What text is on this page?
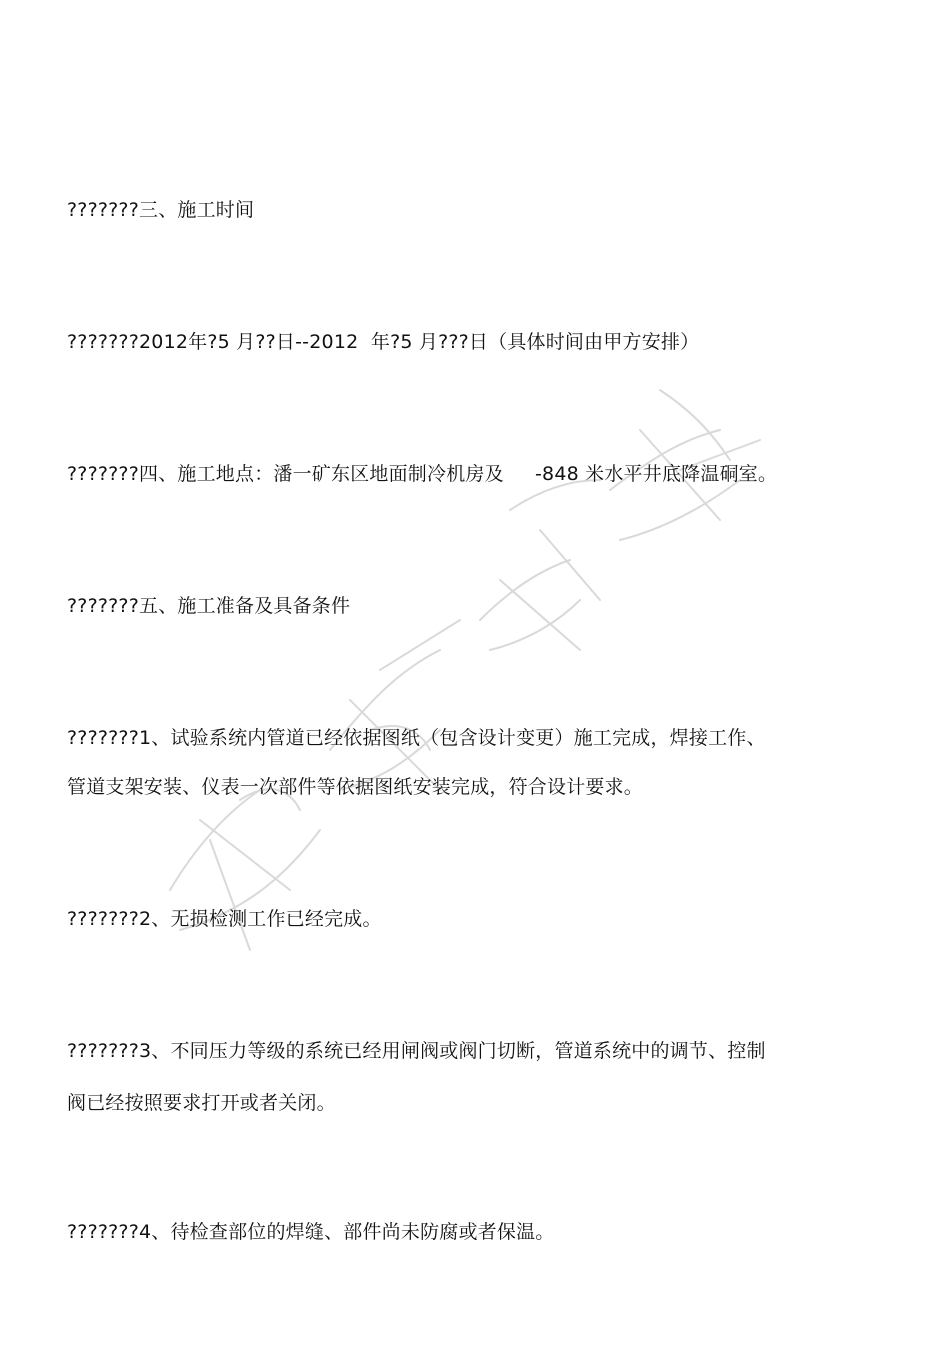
???????三、施工时间
???????2012年?5 月??日--2012  年?5 月???日（具体时间由甲方安排）
???????四、施工地点：潘一矿东区地面制冷机房及     -848 米水平井底降温硐室。
???????五、施工准备及具备条件
???????1、试验系统内管道已经依据图纸（包含设计变更）施工完成，焊接工作、
管道支架安装、仪表一次部件等依据图纸安装完成，符合设计要求。
???????2、无损检测工作已经完成。
???????3、不同压力等级的系统已经用闸阀或阀门切断，管道系统中的调节、控制
阀已经按照要求打开或者关闭。
???????4、待检查部位的焊缝、部件尚未防腐或者保温。
